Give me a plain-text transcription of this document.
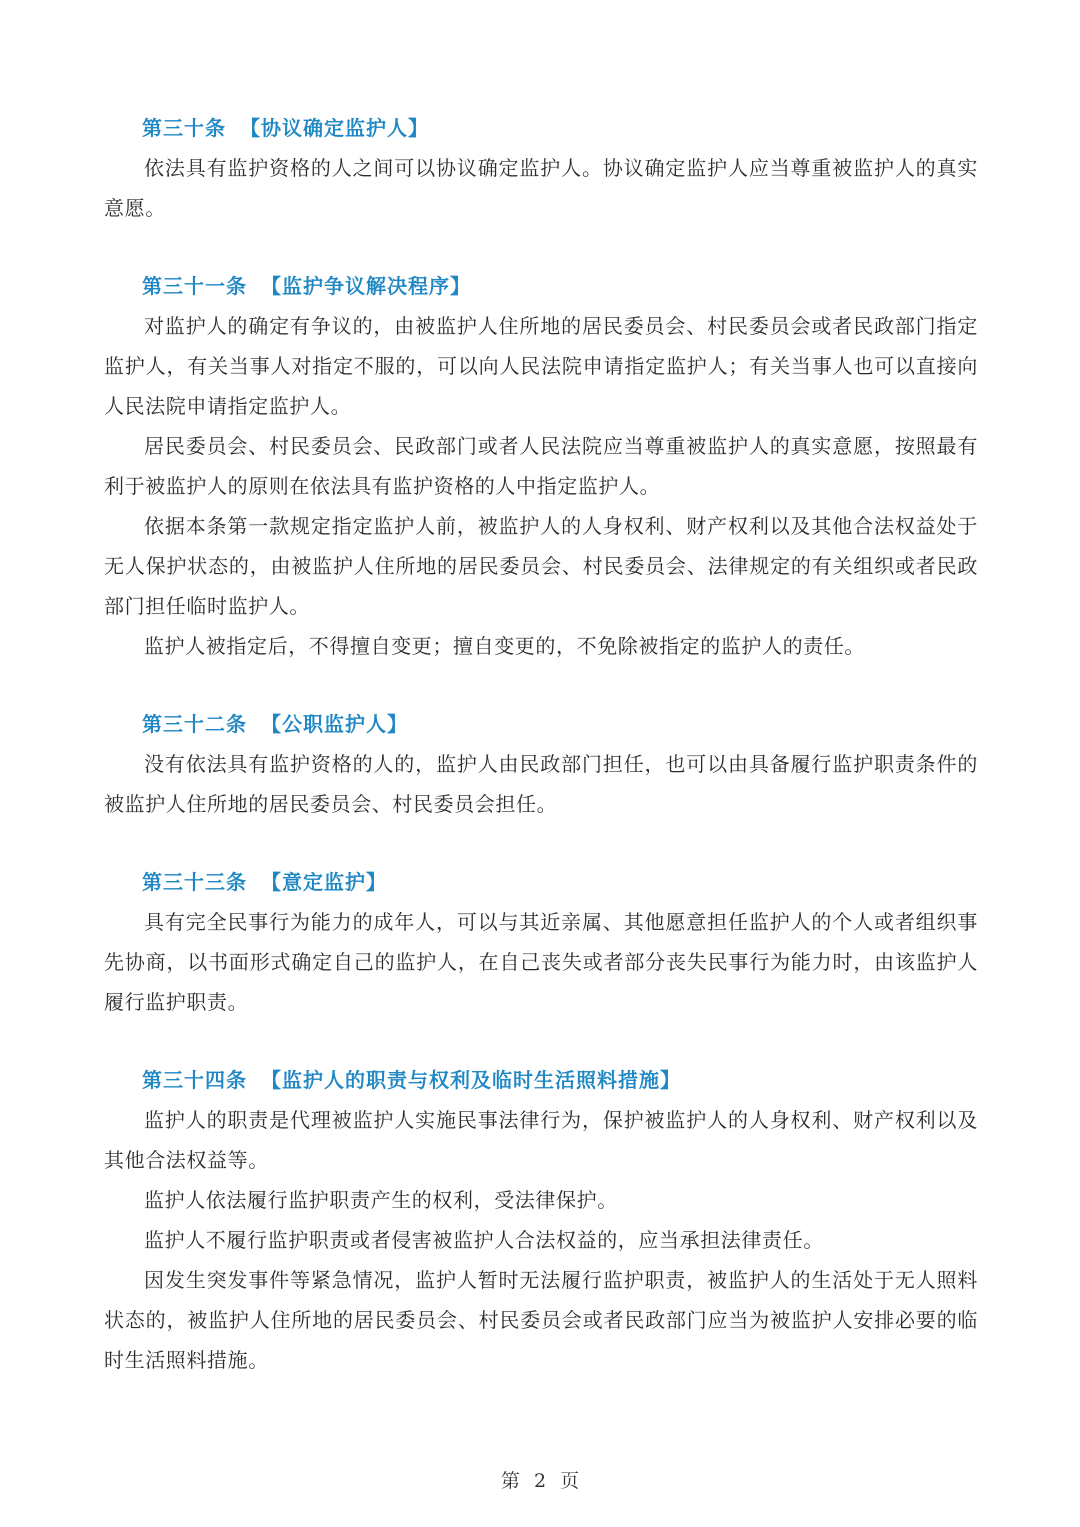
第三十条 【协议确定监护人】

依法具有监护资格的人之间可以协议确定监护人。协议确定监护人应当尊重被监护人的真实意愿。

第三十一条 【监护争议解决程序】

对监护人的确定有争议的，由被监护人住所地的居民委员会、村民委员会或者民政部门指定监护人，有关当事人对指定不服的，可以向人民法院申请指定监护人；有关当事人也可以直接向人民法院申请指定监护人。

居民委员会、村民委员会、民政部门或者人民法院应当尊重被监护人的真实意愿，按照最有利于被监护人的原则在依法具有监护资格的人中指定监护人。

依据本条第一款规定指定监护人前，被监护人的人身权利、财产权利以及其他合法权益处于无人保护状态的，由被监护人住所地的居民委员会、村民委员会、法律规定的有关组织或者民政部门担任临时监护人。

监护人被指定后，不得擅自变更；擅自变更的，不免除被指定的监护人的责任。

第三十二条 【公职监护人】

没有依法具有监护资格的人的，监护人由民政部门担任，也可以由具备履行监护职责条件的被监护人住所地的居民委员会、村民委员会担任。

第三十三条 【意定监护】

具有完全民事行为能力的成年人，可以与其近亲属、其他愿意担任监护人的个人或者组织事先协商，以书面形式确定自己的监护人，在自己丧失或者部分丧失民事行为能力时，由该监护人履行监护职责。

第三十四条 【监护人的职责与权利及临时生活照料措施】

监护人的职责是代理被监护人实施民事法律行为，保护被监护人的人身权利、财产权利以及其他合法权益等。

监护人依法履行监护职责产生的权利，受法律保护。

监护人不履行监护职责或者侵害被监护人合法权益的，应当承担法律责任。

因发生突发事件等紧急情况，监护人暂时无法履行监护职责，被监护人的生活处于无人照料状态的，被监护人住所地的居民委员会、村民委员会或者民政部门应当为被监护人安排必要的临时生活照料措施。

第 2 页
